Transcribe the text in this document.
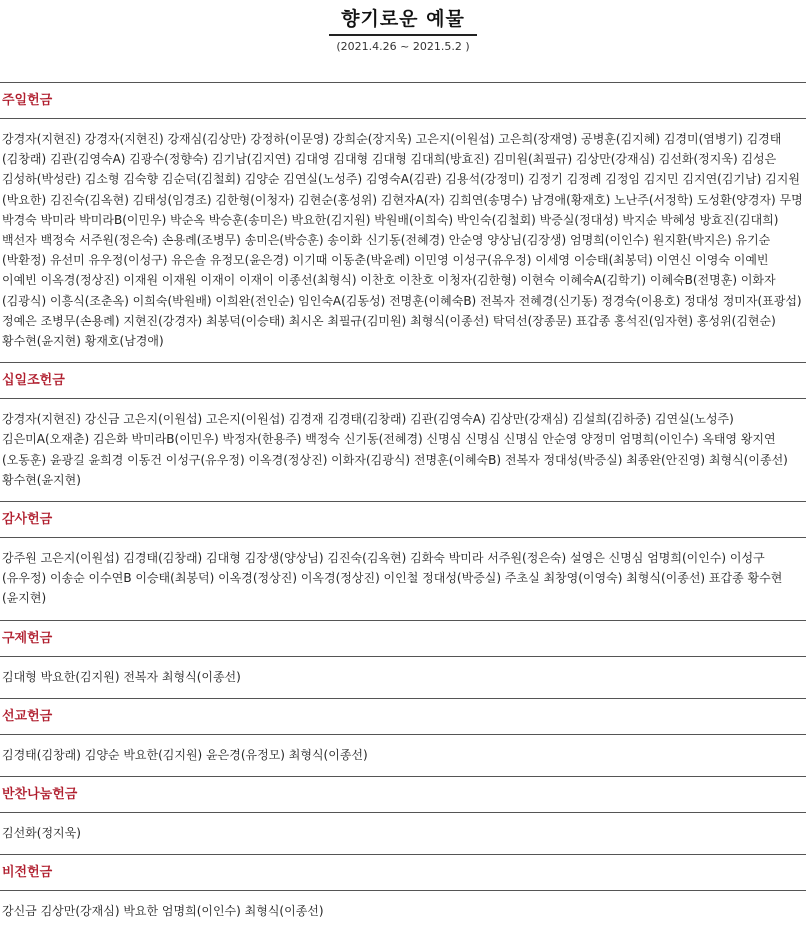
향기로운 예물
(2021.4.26 ~ 2021.5.2 )
주일헌금
강경자(지현진) 강경자(지현진) 강재심(김상만) 강정하(이문영) 강희순(장지욱) 고은지(이원섭) 고은희(장재영) 공병훈(김지혜) 김경미(염병기) 김경태(김창래) 김관(김영숙A) 김광수(정향숙) 김기남(김지연) 김대영 김대형 김대형 김대희(방효진) 김미원(최필규) 김상만(강재심) 김선화(정지욱) 김성은 김성하(박성란) 김소형 김숙향 김순덕(김철회) 김양순 김연실(노성주) 김영숙A(김관) 김용석(강정미) 김정기 김정례 김정임 김지민 김지연(김기남) 김지원(박요한) 김진숙(김옥현) 김태성(임경조) 김한형(이청자) 김현순(홍성위) 김현자A(자) 김희연(송명수) 남경애(황재호) 노난주(서정학) 도성환(양경자) 무명 박경숙 박미라 박미라B(이민우) 박순옥 박승훈(송미은) 박요한(김지원) 박원배(이희숙) 박인숙(김철회) 박증실(정대성) 박지순 박혜성 방효진(김대희) 백선자 백정숙 서주원(정은숙) 손용례(조병무) 송미은(박승훈) 송이화 신기동(전혜경) 안순영 양상님(김장생) 엄명희(이인수) 원지환(박지은) 유기순(박환정) 유선미 유우정(이성구) 유은솔 유정모(윤은경) 이기때 이동춘(박윤례) 이민영 이성구(유우정) 이세영 이승태(최봉덕) 이연신 이영숙 이예빈 이예빈 이옥경(정상진) 이재원 이재원 이재이 이재이 이종선(최형식) 이찬호 이찬호 이청자(김한형) 이현숙 이혜숙A(김학기) 이혜숙B(전명훈) 이화자(김광식) 이흥식(조춘옥) 이희숙(박원배) 이희완(전인순) 임인숙A(김동성) 전명훈(이혜숙B) 전복자 전혜경(신기동) 정경숙(이용호) 정대성 정미자(표광섭) 정예은 조병무(손용례) 지현진(강경자) 최봉덕(이승태) 최시온 최필규(김미원) 최형식(이종선) 탁덕선(장종문) 표갑종 홍석진(임자현) 홍성위(김현순) 황수현(윤지현) 황재호(남경애)
십일조헌금
강경자(지현진) 강신금 고은지(이원섭) 고은지(이원섭) 김경재 김경태(김창래) 김관(김영숙A) 김상만(강재심) 김설희(김하중) 김연실(노성주) 김은미A(오재춘) 김은화 박미라B(이민우) 박정자(한용주) 백정숙 신기동(전혜경) 신명심 신명심 신명심 안순영 양정미 엄명희(이인수) 옥태영 왕지연(오동훈) 윤광길 윤희경 이동건 이성구(유우정) 이옥경(정상진) 이화자(김광식) 전명훈(이혜숙B) 전복자 정대성(박증실) 최종완(안진영) 최형식(이종선) 황수현(윤지현)
감사헌금
강주원 고은지(이원섭) 김경태(김창래) 김대형 김장생(양상님) 김진숙(김옥현) 김화숙 박미라 서주원(정은숙) 설영은 신명심 엄명희(이인수) 이성구(유우정) 이송순 이수연B 이승태(최봉덕) 이옥경(정상진) 이옥경(정상진) 이인철 정대성(박증실) 주초실 최창영(이영숙) 최형식(이종선) 표갑종 황수현(윤지현)
구제헌금
김대형 박요한(김지원) 전복자 최형식(이종선)
선교헌금
김경태(김창래) 김양순 박요한(김지원) 윤은경(유정모) 최형식(이종선)
반찬나눔헌금
김선화(정지욱)
비전헌금
강신금 김상만(강재심) 박요한 엄명희(이인수) 최형식(이종선)
